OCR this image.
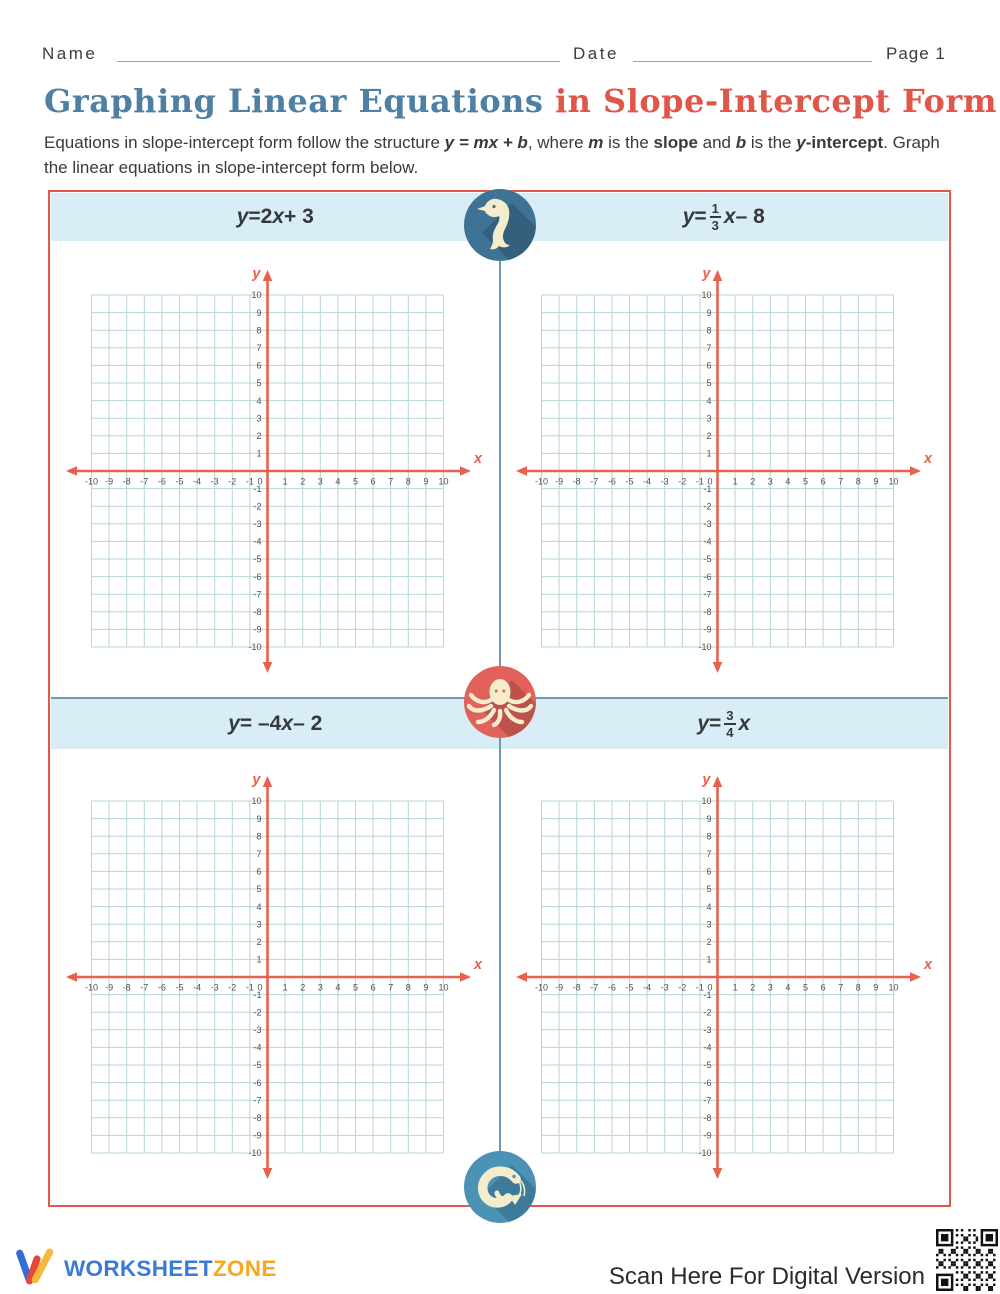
Name	Date	Page 1
Graphing Linear Equations in Slope-Intercept Form

Equations in slope-intercept form follow the structure y = mx + b, where m is the slope and b is the y-intercept. Graph the linear equations in slope-intercept form below.

y = 2 x + 3	$y = \frac{1}{3}$ x – 8
y = –4 x – 2	$y = \frac{3}{4}$ x
-10 -9 -8 -7 -6 -5 -4 -3 -2 -1 0 1 2 3 4 5 6 7 8 9 10
-10
-9
-8
-7
-6
-5
-4
-3
-2
-1
1
2
3
4
5
6
7
8
9
10
x
y
-10 -9 -8 -7 -6 -5 -4 -3 -2 -1 0 1 2 3 4 5 6 7 8 9 10
-10
-9
-8
-7
-6
-5
-4
-3
-2
-1
1
2
3
4
5
6
7
8
9
10
x
y
-10 -9 -8 -7 -6 -5 -4 -3 -2 -1 0 1 2 3 4 5 6 7 8 9 10
-10
-9
-8
-7
-6
-5
-4
-3
-2
-1
1
2
3
4
5
6
7
8
9
10
x
y
-10 -9 -8 -7 -6 -5 -4 -3 -2 -1 0 1 2 3 4 5 6 7 8 9 10
-10
-9
-8
-7
-6
-5
-4
-3
-2
-1
1
2
3
4
5
6
7
8
9
10
x
y
WORKSHEETZONE	Scan Here For Digital Version
